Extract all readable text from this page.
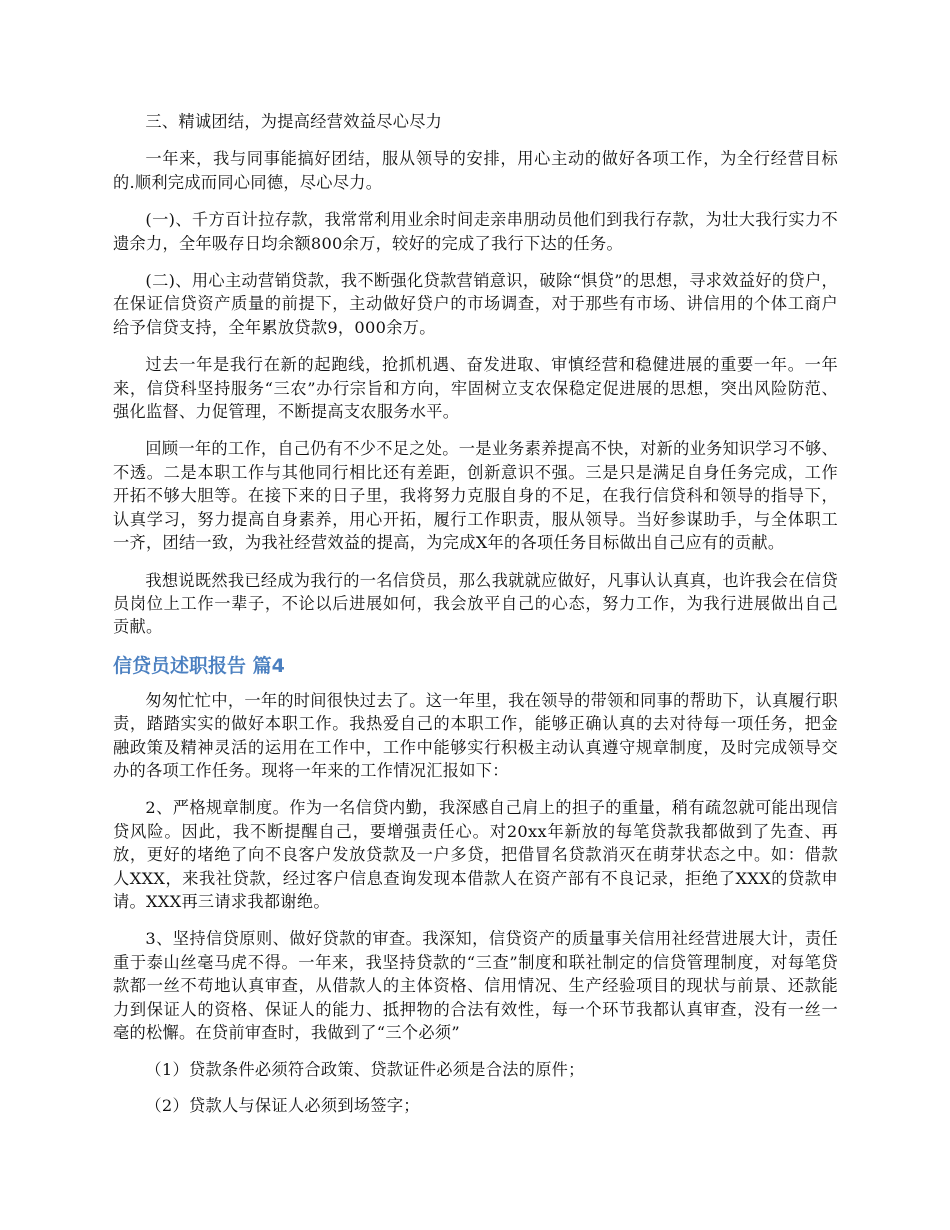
三、精诚团结，为提高经营效益尽心尽力

一年来，我与同事能搞好团结，服从领导的安排，用心主动的做好各项工作，为全行经营目标的.顺利完成而同心同德，尽心尽力。

(一)、千方百计拉存款，我常常利用业余时间走亲串朋动员他们到我行存款，为壮大我行实力不遗余力，全年吸存日均余额800余万，较好的完成了我行下达的任务。

(二)、用心主动营销贷款，我不断强化贷款营销意识，破除“惧贷”的思想，寻求效益好的贷户，在保证信贷资产质量的前提下，主动做好贷户的市场调查，对于那些有市场、讲信用的个体工商户给予信贷支持，全年累放贷款9，000余万。

过去一年是我行在新的起跑线，抢抓机遇、奋发进取、审慎经营和稳健进展的重要一年。一年来，信贷科坚持服务“三农”办行宗旨和方向，牢固树立支农保稳定促进展的思想，突出风险防范、强化监督、力促管理，不断提高支农服务水平。

回顾一年的工作，自己仍有不少不足之处。一是业务素养提高不快，对新的业务知识学习不够、不透。二是本职工作与其他同行相比还有差距，创新意识不强。三是只是满足自身任务完成，工作开拓不够大胆等。在接下来的日子里，我将努力克服自身的不足，在我行信贷科和领导的指导下，认真学习，努力提高自身素养，用心开拓，履行工作职责，服从领导。当好参谋助手，与全体职工一齐，团结一致，为我社经营效益的提高，为完成X年的各项任务目标做出自己应有的贡献。

我想说既然我已经成为我行的一名信贷员，那么我就就应做好，凡事认认真真，也许我会在信贷员岗位上工作一辈子，不论以后进展如何，我会放平自己的心态，努力工作，为我行进展做出自己贡献。

信贷员述职报告 篇4

匆匆忙忙中，一年的时间很快过去了。这一年里，我在领导的带领和同事的帮助下，认真履行职责，踏踏实实的做好本职工作。我热爱自己的本职工作，能够正确认真的去对待每一项任务，把金融政策及精神灵活的运用在工作中，工作中能够实行积极主动认真遵守规章制度，及时完成领导交办的各项工作任务。现将一年来的工作情况汇报如下：

2、严格规章制度。作为一名信贷内勤，我深感自己肩上的担子的重量，稍有疏忽就可能出现信贷风险。因此，我不断提醒自己，要增强责任心。对20xx年新放的每笔贷款我都做到了先查、再放，更好的堵绝了向不良客户发放贷款及一户多贷，把借冒名贷款消灭在萌芽状态之中。如：借款人XXX，来我社贷款，经过客户信息查询发现本借款人在资产部有不良记录，拒绝了XXX的贷款申请。XXX再三请求我都谢绝。

3、坚持信贷原则、做好贷款的审查。我深知，信贷资产的质量事关信用社经营进展大计，责任重于泰山丝毫马虎不得。一年来，我坚持贷款的“三查”制度和联社制定的信贷管理制度，对每笔贷款都一丝不苟地认真审查，从借款人的主体资格、信用情况、生产经验项目的现状与前景、还款能力到保证人的资格、保证人的能力、抵押物的合法有效性，每一个环节我都认真审查，没有一丝一毫的松懈。在贷前审查时，我做到了“三个必须”

（1）贷款条件必须符合政策、贷款证件必须是合法的原件；

（2）贷款人与保证人必须到场签字；
